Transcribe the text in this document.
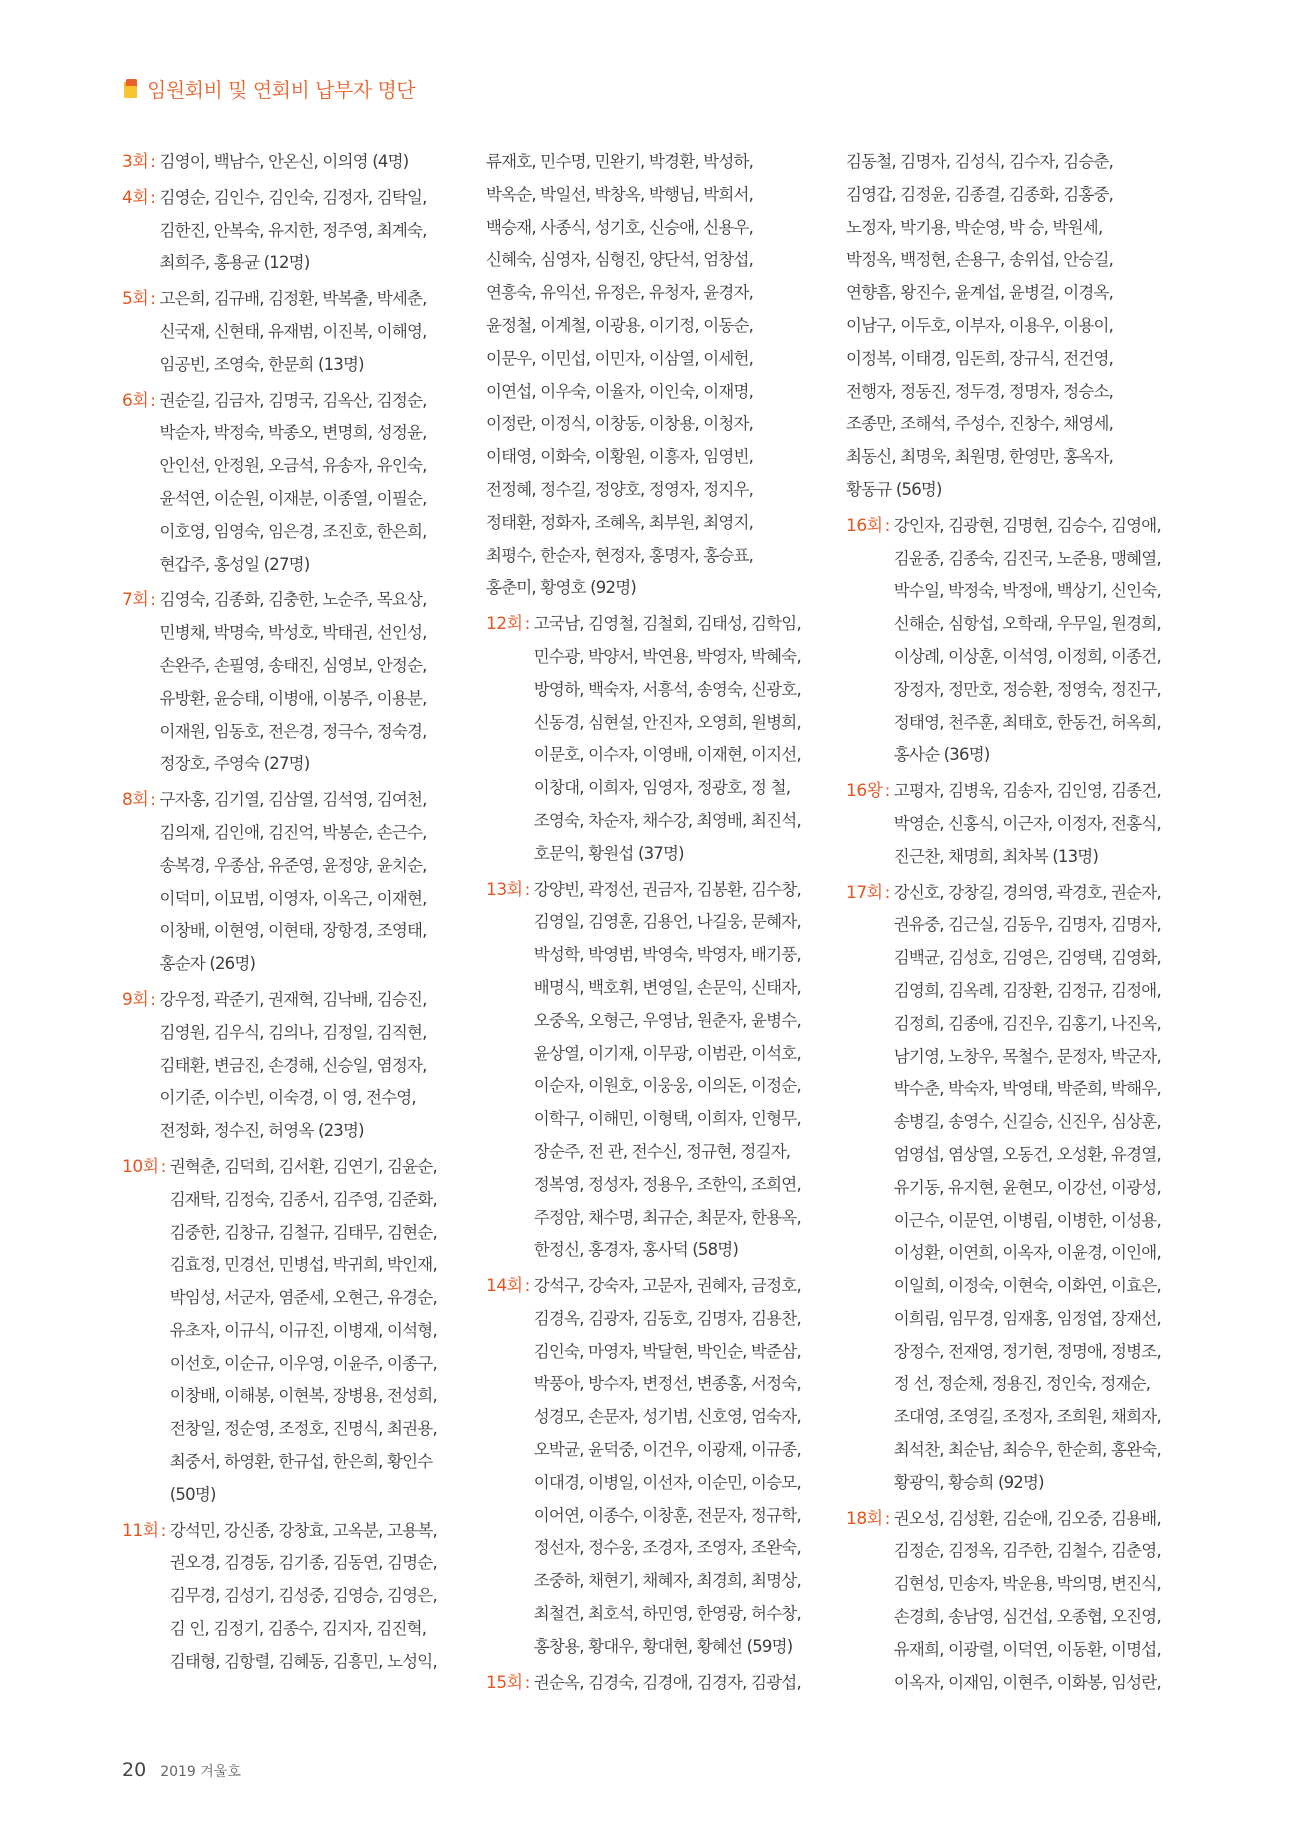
임원회비 및 연회비 납부자 명단
3회 : 김영이, 백남수, 안온신, 이의영 (4명)
4회 : 김영순, 김인수, 김인숙, 김정자, 김탁일,
김한진, 안복숙, 유지한, 정주영, 최계숙,
최희주, 홍용균 (12명)
5회 : 고은희, 김규배, 김정환, 박복출, 박세춘,
신국재, 신현태, 유재범, 이진복, 이해영,
임공빈, 조영숙, 한문희 (13명)
6회 : 권순길, 김금자, 김명국, 김옥산, 김정순,
박순자, 박정숙, 박종오, 변명희, 성정윤,
안인선, 안정원, 오금석, 유송자, 유인숙,
윤석연, 이순원, 이재분, 이종열, 이필순,
이호영, 임영숙, 임은경, 조진호, 한은희,
현갑주, 홍성일 (27명)
7회 : 김영숙, 김종화, 김충한, 노순주, 목요상,
민병채, 박명숙, 박성호, 박태권, 선인성,
손완주, 손필영, 송태진, 심영보, 안정순,
유방환, 윤승태, 이병애, 이봉주, 이용분,
이재원, 임동호, 전은경, 정극수, 정숙경,
정장호, 주영숙 (27명)
8회 : 구자홍, 김기열, 김삼열, 김석영, 김여천,
김의재, 김인애, 김진억, 박봉순, 손근수,
송복경, 우종삼, 유준영, 윤정양, 윤치순,
이덕미, 이묘범, 이영자, 이옥근, 이재현,
이창배, 이현영, 이현태, 장항경, 조영태,
홍순자 (26명)
9회 : 강우정, 곽준기, 권재혁, 김낙배, 김승진,
김영원, 김우식, 김의나, 김정일, 김직현,
김태환, 변금진, 손경해, 신승일, 염정자,
이기준, 이수빈, 이숙경, 이 영, 전수영,
전정화, 정수진, 허영옥 (23명)
10회 : 권혁춘, 김덕희, 김서환, 김연기, 김윤순,
김재탁, 김정숙, 김종서, 김주영, 김준화,
김중한, 김창규, 김철규, 김태무, 김현순,
김효정, 민경선, 민병섭, 박귀희, 박인재,
박임성, 서군자, 염준세, 오현근, 유경순,
유초자, 이규식, 이규진, 이병재, 이석형,
이선호, 이순규, 이우영, 이윤주, 이종구,
이창배, 이해봉, 이현복, 장병용, 전성희,
전창일, 정순영, 조정호, 진명식, 최권용,
최중서, 하영환, 한규섭, 한은희, 황인수
(50명)
11회 : 강석민, 강신종, 강창효, 고옥분, 고용복,
권오경, 김경동, 김기종, 김동연, 김명순,
김무경, 김성기, 김성중, 김영승, 김영은,
김 인, 김정기, 김종수, 김지자, 김진혁,
김태형, 김항렬, 김혜동, 김흥민, 노성익,
류재호, 민수명, 민완기, 박경환, 박성하,
박옥순, 박일선, 박창옥, 박행님, 박희서,
백승재, 사종식, 성기호, 신승애, 신용우,
신혜숙, 심영자, 심형진, 양단석, 엄창섭,
연흥숙, 유익선, 유정은, 유청자, 윤경자,
윤정철, 이계철, 이광용, 이기정, 이동순,
이문우, 이민섭, 이민자, 이삼열, 이세헌,
이연섭, 이우숙, 이율자, 이인숙, 이재명,
이정란, 이정식, 이창동, 이창용, 이청자,
이태영, 이화숙, 이황원, 이흥자, 임영빈,
전정혜, 정수길, 정양호, 정영자, 정지우,
정태환, 정화자, 조혜옥, 최부원, 최영지,
최평수, 한순자, 현정자, 홍명자, 홍승표,
홍춘미, 황영호 (92명)
12회 : 고국남, 김영철, 김철회, 김태성, 김학임,
민수광, 박양서, 박연용, 박영자, 박혜숙,
방영하, 백숙자, 서흥석, 송영숙, 신광호,
신동경, 심현설, 안진자, 오영희, 원병희,
이문호, 이수자, 이영배, 이재현, 이지선,
이창대, 이희자, 임영자, 정광호, 정 철,
조영숙, 차순자, 채수강, 최영배, 최진석,
호문익, 황원섭 (37명)
13회 : 강양빈, 곽정선, 권금자, 김봉환, 김수창,
김영일, 김영훈, 김용언, 나길웅, 문혜자,
박성학, 박영범, 박영숙, 박영자, 배기풍,
배명식, 백호휘, 변영일, 손문익, 신태자,
오중옥, 오형근, 우영남, 원춘자, 윤병수,
윤상열, 이기재, 이무광, 이범관, 이석호,
이순자, 이원호, 이웅웅, 이의돈, 이정순,
이학구, 이해민, 이형택, 이희자, 인형무,
장순주, 전 관, 전수신, 정규현, 정길자,
정복영, 정성자, 정용우, 조한익, 조희연,
주정암, 채수명, 최규순, 최문자, 한용옥,
한정신, 홍경자, 홍사덕 (58명)
14회 : 강석구, 강숙자, 고문자, 권혜자, 금정호,
김경옥, 김광자, 김동호, 김명자, 김용찬,
김인숙, 마영자, 박달현, 박인순, 박준삼,
박풍아, 방수자, 변정선, 변종홍, 서정숙,
성경모, 손문자, 성기범, 신호영, 엄숙자,
오박균, 윤덕중, 이건우, 이광재, 이규종,
이대경, 이병일, 이선자, 이순민, 이승모,
이어연, 이종수, 이창훈, 전문자, 정규학,
정선자, 정수웅, 조경자, 조영자, 조완숙,
조중하, 채현기, 채혜자, 최경희, 최명상,
최철견, 최호석, 하민영, 한영광, 허수창,
홍창용, 황대우, 황대현, 황혜선 (59명)
15회 : 권순옥, 김경숙, 김경애, 김경자, 김광섭,
김동철, 김명자, 김성식, 김수자, 김승춘,
김영갑, 김정윤, 김종결, 김종화, 김홍중,
노정자, 박기용, 박순영, 박 승, 박원세,
박정옥, 백정현, 손용구, 송위섭, 안승길,
연향흠, 왕진수, 윤계섭, 윤병걸, 이경옥,
이남구, 이두호, 이부자, 이용우, 이용이,
이정복, 이태경, 임돈희, 장규식, 전건영,
전행자, 정동진, 정두경, 정명자, 정승소,
조종만, 조해석, 주성수, 진창수, 채영세,
최동신, 최명욱, 최원명, 한영만, 홍옥자,
황동규 (56명)
16회 : 강인자, 김광현, 김명현, 김승수, 김영애,
김윤종, 김종숙, 김진국, 노준용, 맹혜열,
박수일, 박정숙, 박정애, 백상기, 신인숙,
신해순, 심항섭, 오학래, 우무일, 원경희,
이상례, 이상훈, 이석영, 이정희, 이종건,
장정자, 정만호, 정승환, 정영숙, 정진구,
정태영, 천주훈, 최태호, 한동건, 허옥희,
홍사순 (36명)
16왕 : 고평자, 김병욱, 김송자, 김인영, 김종건,
박영순, 신홍식, 이근자, 이정자, 전홍식,
진근찬, 채명희, 최차복 (13명)
17회 : 강신호, 강창길, 경의영, 곽경호, 권순자,
권유중, 김근실, 김동우, 김명자, 김명자,
김백균, 김성호, 김영은, 김영택, 김영화,
김영희, 김옥례, 김장환, 김정규, 김정애,
김정희, 김종애, 김진우, 김홍기, 나진옥,
남기영, 노창우, 목철수, 문정자, 박군자,
박수춘, 박숙자, 박영태, 박준희, 박해우,
송병길, 송영수, 신길승, 신진우, 심상훈,
엄영섭, 염상열, 오동건, 오성환, 유경열,
유기동, 유지현, 윤현모, 이강선, 이광성,
이근수, 이문연, 이병림, 이병한, 이성용,
이성환, 이연희, 이옥자, 이윤경, 이인애,
이일희, 이정숙, 이현숙, 이화연, 이효은,
이희림, 임무경, 임재홍, 임정엽, 장재선,
장정수, 전재영, 정기현, 정명애, 정병조,
정 선, 정순채, 정용진, 정인숙, 정재순,
조대영, 조영길, 조정자, 조희원, 채희자,
최석찬, 최순남, 최승우, 한순희, 홍완숙,
황광익, 황승희 (92명)
18회 : 권오성, 김성환, 김순애, 김오중, 김용배,
김정순, 김정옥, 김주한, 김철수, 김춘영,
김현성, 민송자, 박운용, 박의명, 변진식,
손경희, 송남영, 심건섭, 오종협, 오진영,
유재희, 이광렬, 이덕연, 이동환, 이명섭,
이옥자, 이재임, 이현주, 이화봉, 임성란,
20 2019 겨울호
